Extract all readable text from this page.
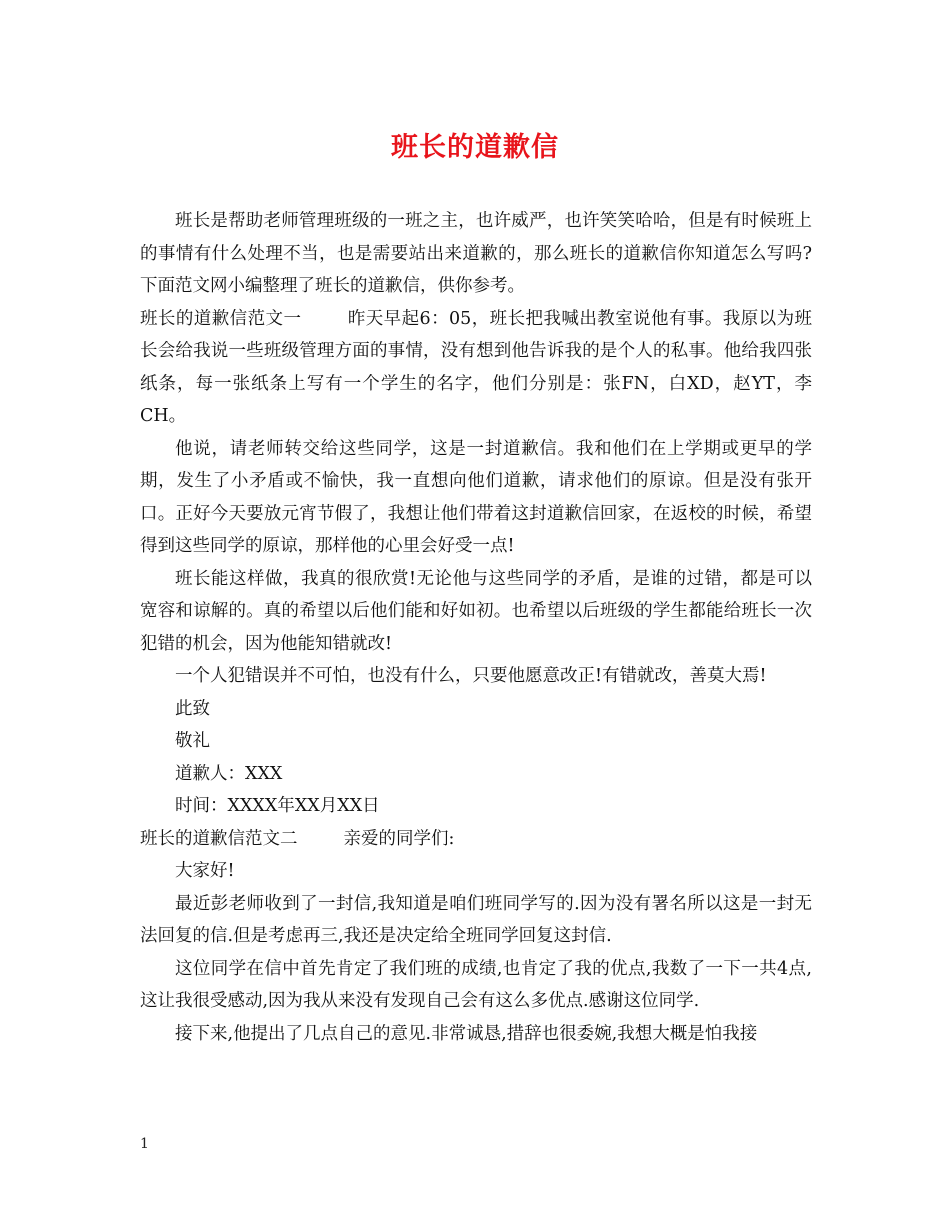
班长的道歉信

班长是帮助老师管理班级的一班之主，也许威严，也许笑笑哈哈，但是有时候班上的事情有什么处理不当，也是需要站出来道歉的，那么班长的道歉信你知道怎么写吗?下面范文网小编整理了班长的道歉信，供你参考。

班长的道歉信范文一	昨天早起6：05，班长把我喊出教室说他有事。我原以为班长会给我说一些班级管理方面的事情，没有想到他告诉我的是个人的私事。他给我四张纸条，每一张纸条上写有一个学生的名字，他们分别是：张FN，白XD，赵YT，李CH。

他说，请老师转交给这些同学，这是一封道歉信。我和他们在上学期或更早的学期，发生了小矛盾或不愉快，我一直想向他们道歉，请求他们的原谅。但是没有张开口。正好今天要放元宵节假了，我想让他们带着这封道歉信回家，在返校的时候，希望得到这些同学的原谅，那样他的心里会好受一点!

班长能这样做，我真的很欣赏!无论他与这些同学的矛盾，是谁的过错，都是可以宽容和谅解的。真的希望以后他们能和好如初。也希望以后班级的学生都能给班长一次犯错的机会，因为他能知错就改!

一个人犯错误并不可怕，也没有什么，只要他愿意改正!有错就改，善莫大焉!

此致

敬礼

道歉人：XXX

时间：XXXX年XX月XX日

班长的道歉信范文二	亲爱的同学们:

大家好!

最近彭老师收到了一封信,我知道是咱们班同学写的.因为没有署名所以这是一封无法回复的信.但是考虑再三,我还是决定给全班同学回复这封信.

这位同学在信中首先肯定了我们班的成绩,也肯定了我的优点,我数了一下一共4点,这让我很受感动,因为我从来没有发现自己会有这么多优点.感谢这位同学.

接下来,他提出了几点自己的意见.非常诚恳,措辞也很委婉,我想大概是怕我接

1
